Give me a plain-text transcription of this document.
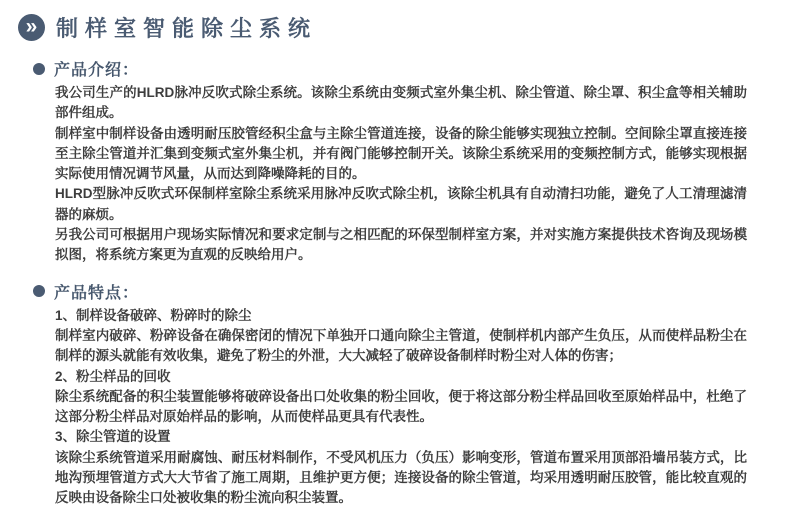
» 制样室智能除尘系统
产品介绍：

我公司生产的HLRD脉冲反吹式除尘系统。该除尘系统由变频式室外集尘机、除尘管道、除尘罩、积尘盒等相关辅助部件组成。

制样室中制样设备由透明耐压胶管经积尘盒与主除尘管道连接，设备的除尘能够实现独立控制。空间除尘罩直接连接至主除尘管道并汇集到变频式室外集尘机，并有阀门能够控制开关。该除尘系统采用的变频控制方式，能够实现根据实际使用情况调节风量，从而达到降噪降耗的目的。

HLRD型脉冲反吹式环保制样室除尘系统采用脉冲反吹式除尘机，该除尘机具有自动清扫功能，避免了人工清理滤清器的麻烦。

另我公司可根据用户现场实际情况和要求定制与之相匹配的环保型制样室方案，并对实施方案提供技术咨询及现场模拟图，将系统方案更为直观的反映给用户。

产品特点：

1、制样设备破碎、粉碎时的除尘

制样室内破碎、粉碎设备在确保密闭的情况下单独开口通向除尘主管道，使制样机内部产生负压，从而使样品粉尘在制样的源头就能有效收集，避免了粉尘的外泄，大大减轻了破碎设备制样时粉尘对人体的伤害；

2、粉尘样品的回收

除尘系统配备的积尘装置能够将破碎设备出口处收集的粉尘回收，便于将这部分粉尘样品回收至原始样品中，杜绝了这部分粉尘样品对原始样品的影响，从而使样品更具有代表性。

3、除尘管道的设置

该除尘系统管道采用耐腐蚀、耐压材料制作，不受风机压力（负压）影响变形，管道布置采用顶部沿墙吊装方式，比地沟预埋管道方式大大节省了施工周期，且维护更方便；连接设备的除尘管道，均采用透明耐压胶管，能比较直观的反映由设备除尘口处被收集的粉尘流向积尘装置。
